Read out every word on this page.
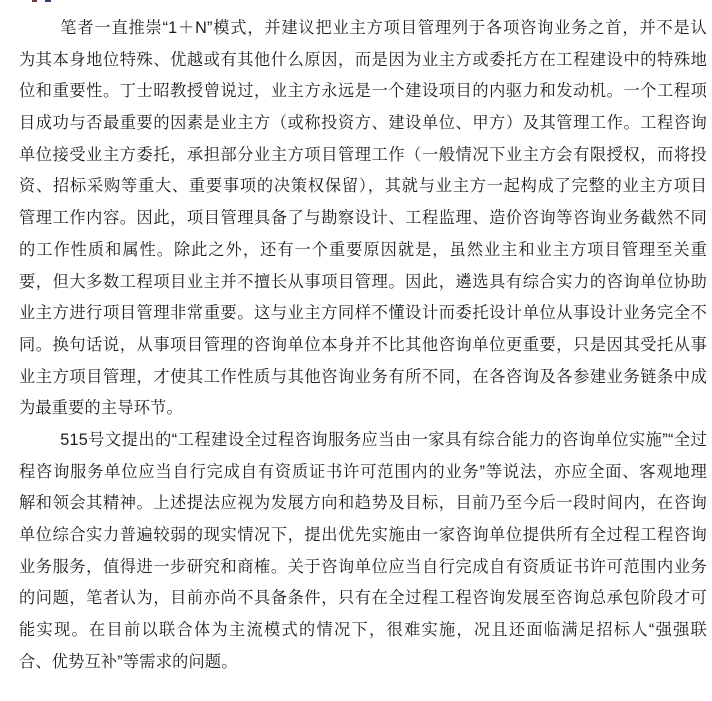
笔者一直推崇“1＋N”模式，并建议把业主方项目管理列于各项咨询业务之首，并不是认
为其本身地位特殊、优越或有其他什么原因，而是因为业主方或委托方在工程建设中的特殊地
位和重要性。丁士昭教授曾说过，业主方永远是一个建设项目的内驱力和发动机。一个工程项
目成功与否最重要的因素是业主方（或称投资方、建设单位、甲方）及其管理工作。工程咨询
单位接受业主方委托，承担部分业主方项目管理工作（一般情况下业主方会有限授权，而将投
资、招标采购等重大、重要事项的决策权保留），其就与业主方一起构成了完整的业主方项目
管理工作内容。因此，项目管理具备了与勘察设计、工程监理、造价咨询等咨询业务截然不同
的工作性质和属性。除此之外，还有一个重要原因就是，虽然业主和业主方项目管理至关重
要，但大多数工程项目业主并不擅长从事项目管理。因此，遴选具有综合实力的咨询单位协助
业主方进行项目管理非常重要。这与业主方同样不懂设计而委托设计单位从事设计业务完全不
同。换句话说，从事项目管理的咨询单位本身并不比其他咨询单位更重要，只是因其受托从事
业主方项目管理，才使其工作性质与其他咨询业务有所不同，在各咨询及各参建业务链条中成
为最重要的主导环节。
515号文提出的“工程建设全过程咨询服务应当由一家具有综合能力的咨询单位实施”“全过
程咨询服务单位应当自行完成自有资质证书许可范围内的业务”等说法，亦应全面、客观地理
解和领会其精神。上述提法应视为发展方向和趋势及目标，目前乃至今后一段时间内，在咨询
单位综合实力普遍较弱的现实情况下，提出优先实施由一家咨询单位提供所有全过程工程咨询
业务服务，值得进一步研究和商榷。关于咨询单位应当自行完成自有资质证书许可范围内业务
的问题，笔者认为，目前亦尚不具备条件，只有在全过程工程咨询发展至咨询总承包阶段才可
能实现。在目前以联合体为主流模式的情况下，很难实施，况且还面临满足招标人“强强联
合、优势互补”等需求的问题。
